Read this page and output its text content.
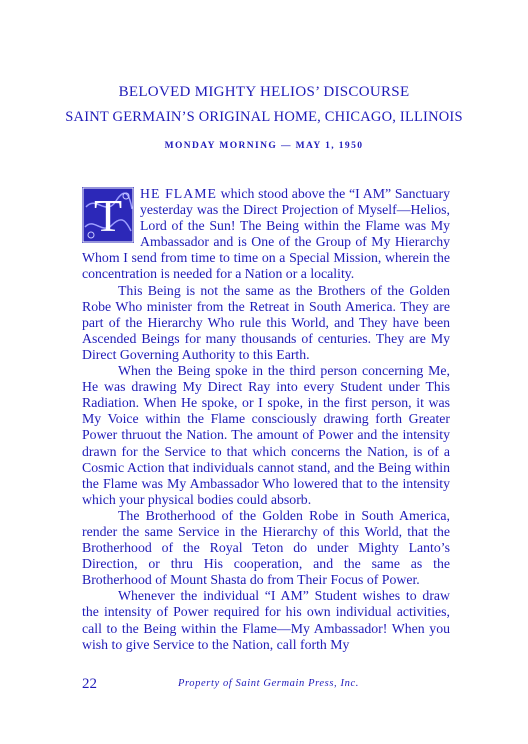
BELOVED MIGHTY HELIOS’ DISCOURSE
SAINT GERMAIN’S ORIGINAL HOME, CHICAGO, ILLINOIS
MONDAY MORNING — MAY 1, 1950

T HE FLAME which stood above the “I AM” Sanctuary yesterday was the Direct Projection of Myself—Helios, Lord of the Sun! The Being within the Flame was My Ambassador and is One of the Group of My Hierarchy Whom I send from time to time on a Special Mission, wherein the concentration is needed for a Nation or a locality.

This Being is not the same as the Brothers of the Golden Robe Who minister from the Retreat in South America. They are part of the Hierarchy Who rule this World, and They have been Ascended Beings for many thousands of centuries. They are My Direct Governing Authority to this Earth.

When the Being spoke in the third person concerning Me, He was drawing My Direct Ray into every Student under This Radiation. When He spoke, or I spoke, in the first person, it was My Voice within the Flame consciously drawing forth Greater Power thruout the Nation. The amount of Power and the intensity drawn for the Service to that which concerns the Nation, is of a Cosmic Action that individuals cannot stand, and the Being within the Flame was My Ambassador Who lowered that to the intensity which your physical bodies could absorb.

The Brotherhood of the Golden Robe in South America, render the same Service in the Hierarchy of this World, that the Brotherhood of the Royal Teton do under Mighty Lanto’s Direction, or thru His cooperation, and the same as the Brotherhood of Mount Shasta do from Their Focus of Power.

Whenever the individual “I AM” Student wishes to draw the intensity of Power required for his own individual activities, call to the Being within the Flame—My Ambassador! When you wish to give Service to the Nation, call forth My

22	Property of Saint Germain Press, Inc.
